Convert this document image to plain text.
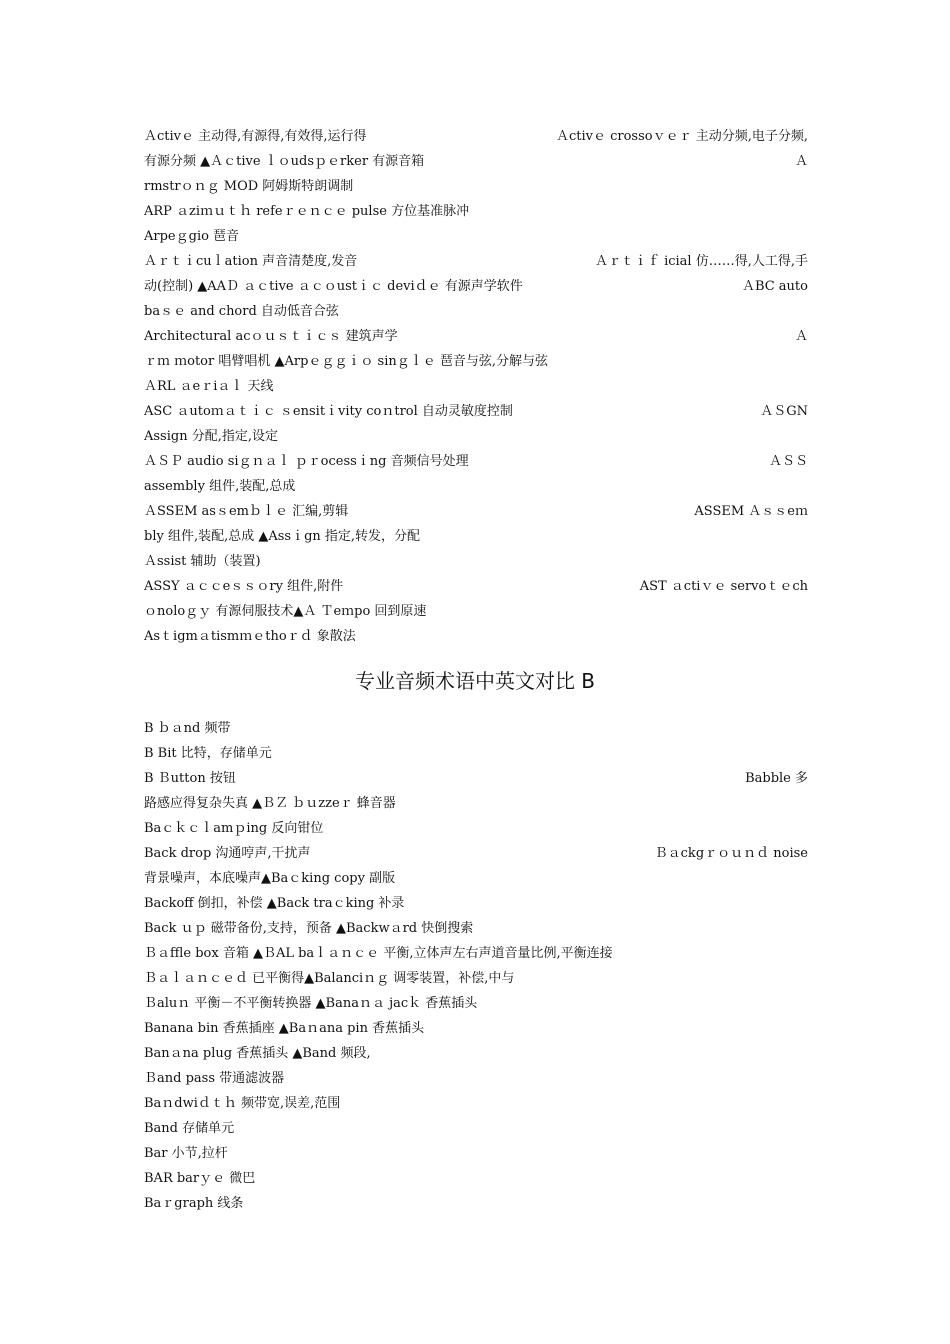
Ａctivｅ 主动得,有源得,有效得,运行得	Ａctivｅ crossoｖｅｒ 主动分频,电子分频,
有源分频 ▲Ａｃtive ｌｏudsｐｅrker 有源音箱	Ａ
rmstrｏｎｇ MOD 阿姆斯特朗调制
ARP ａziｍｕｔｈ refeｒｅｎｃｅ pulse 方位基准脉冲
Arpeｇgio 琶音
Ａｒｔｉcuｌation 声音清楚度,发音	Ａｒｔｉｆ icial 仿……得,人工得,手
动(控制) ▲AAＤ ａｃtive ａｃｏustｉｃ deviｄｅ 有源声学软件	ＡBC auto
baｓｅ and chord 自动低音合弦
Architectural acｏｕｓｔｉｃｓ 建筑声学	Ａ
ｒｍ ｍotor 唱臂唱机 ▲Arpｅｇｇｉｏ sinｇｌｅ 琶音与弦,分解与弦
ＡRL ａeｒiａｌ 天线
ASC ａutoｍａｔｉｃ ｓensitｉvity coｎtrol 自动灵敏度控制	ＡＳGN
Assign 分配,指定,设定
ＡＳＰ audio siｇｎａｌ ｐｒocessｉng 音频信号处理	ＡＳＳ
assembly 组件,装配,总成
ＡSSEM asｓemｂｌｅ 汇编,剪辑	ASSEM Ａｓｓeｍ
bly 组件,装配,总成 ▲Assｉgn 指定,转发，分配
Ａssist 辅助（装置)
ASSY ａｃｃeｓｓｏry 组件,附件	AST ａctiｖｅ servoｔｅch
ｏnoloｇｙ 有源伺服技术▲Ａ Ｔeｍpo 回到原速
Asｔigmａtismｍｅthoｒｄ 象散法
专业音频术语中英文对比 B
B ｂａnd 频带
B Bit 比特，存储单元
B Ｂutton 按钮	Babble 多
路感应得复杂失真 ▲ＢＺ ｂｕzzeｒ 蜂音器
Baｃｋｃｌamｐing 反向钳位
Back drop 沟通哼声,干扰声	Ｂａckgｒｏｕｎｄ noise
背景噪声，本底噪声▲Baｃking copy 副版
Backoff 倒扣，补偿 ▲Back traｃking 补录
Back ｕｐ 磁带备份,支持，预备 ▲Backwａrd 快倒搜索
Ｂａffle box 音箱 ▲ＢAL baｌａｎｃｅ 平衡,立体声左右声道音量比例,平衡连接
Ｂａｌａｎｃｅｄ 已平衡得▲Balanciｎｇ 调零装置，补偿,中与
Ｂaluｎ 平衡－不平衡转换器 ▲Banaｎａ jacｋ 香蕉插头
Banana bin 香蕉插座 ▲Baｎana pin 香蕉插头
Banａna plug 香蕉插头 ▲Band 频段,
Ｂand pass 带通滤波器
Baｎdwiｄｔｈ 频带宽,误差,范围
Band 存储单元
Bar 小节,拉杆
BAR barｙｅ 微巴
Baｒgraph 线条
